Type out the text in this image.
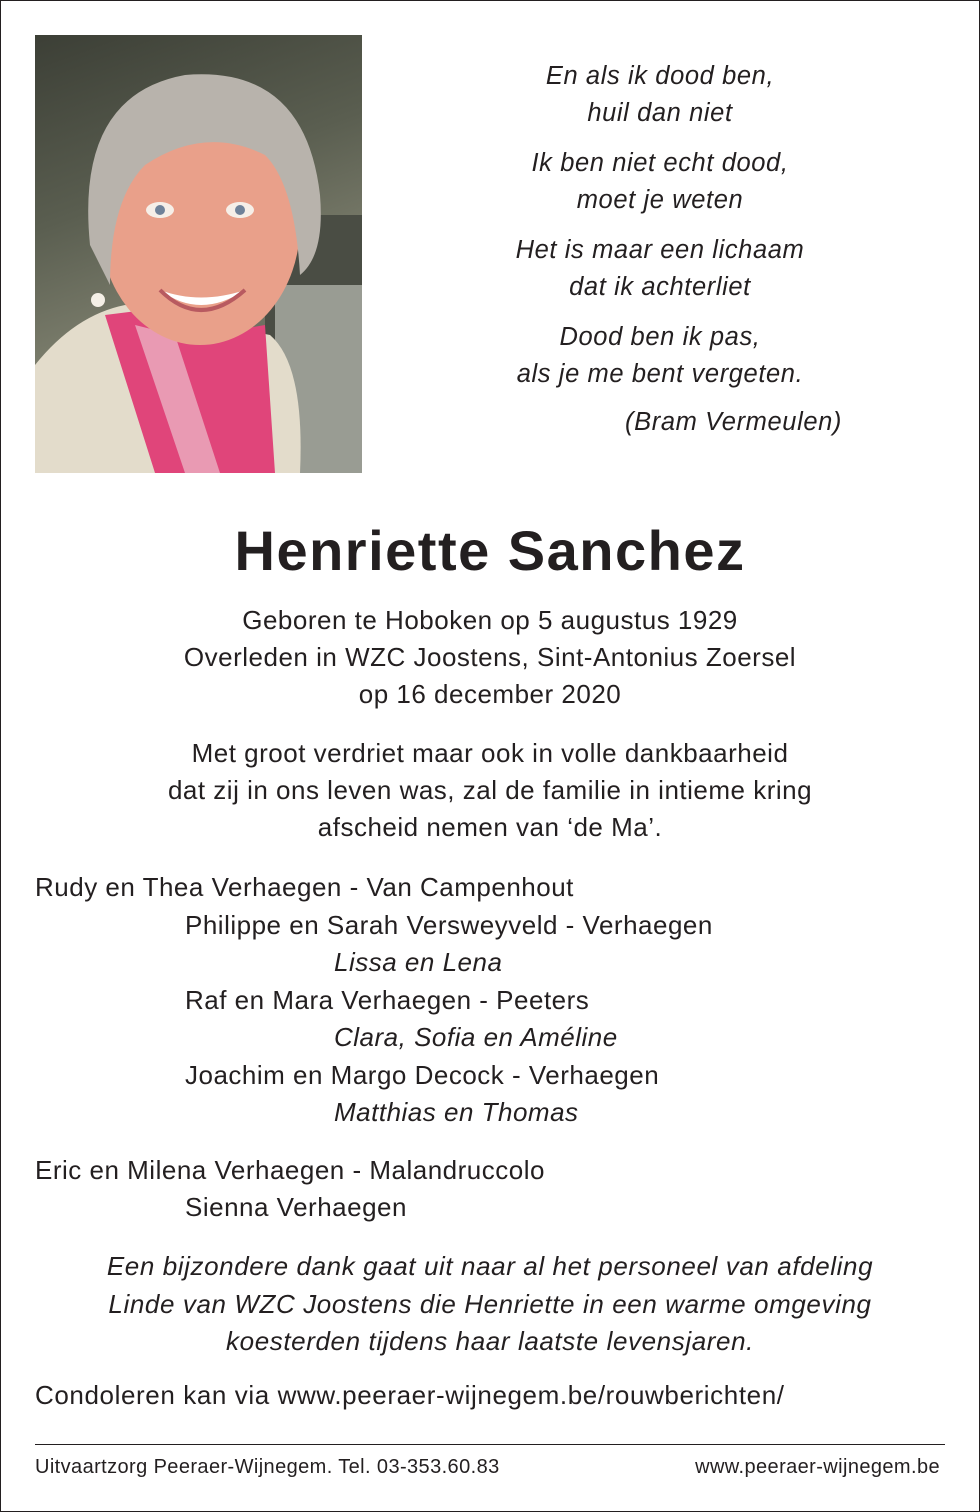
En als ik dood ben,
huil dan niet
Ik ben niet echt dood,
moet je weten
Het is maar een lichaam
dat ik achterliet
Dood ben ik pas,
als je me bent vergeten.
(Bram Vermeulen)
Henriette Sanchez
Geboren te Hoboken op 5 augustus 1929
Overleden in WZC Joostens, Sint-Antonius Zoersel
op 16 december 2020
Met groot verdriet maar ook in volle dankbaarheid
dat zij in ons leven was, zal de familie in intieme kring
afscheid nemen van ‘de Ma’.
Rudy en Thea Verhaegen - Van Campenhout
Philippe en Sarah Versweyveld - Verhaegen
Lissa en Lena
Raf en Mara Verhaegen - Peeters
Clara, Sofia en Améline
Joachim en Margo Decock - Verhaegen
Matthias en Thomas
Eric en Milena Verhaegen - Malandruccolo
Sienna Verhaegen
Een bijzondere dank gaat uit naar al het personeel van afdeling
Linde van WZC Joostens die Henriette in een warme omgeving
koesterden tijdens haar laatste levensjaren.
Condoleren kan via www.peeraer-wijnegem.be/rouwberichten/
Uitvaartzorg Peeraer-Wijnegem. Tel. 03-353.60.83	www.peeraer-wijnegem.be
